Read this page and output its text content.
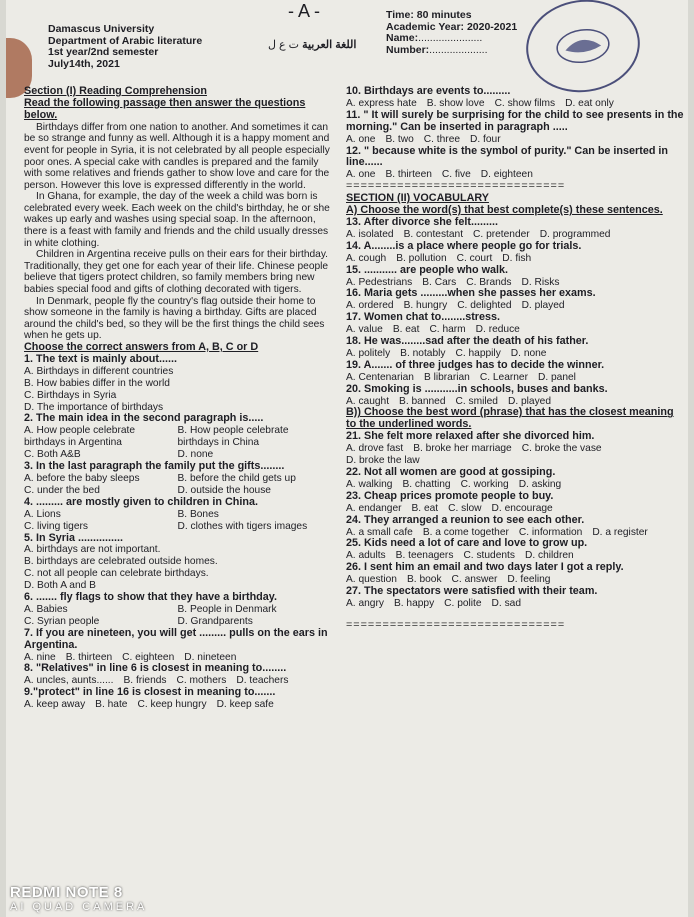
Damascus University
Department of Arabic literature
1st year/2nd semester
July14th, 2021
- A -
اللغة العربية ت ع ل
Time: 80 minutes
Academic Year: 2020-2021
Name:......................
Number:....................
Section (I) Reading Comprehension
Read the following passage then answer the questions below.

Birthdays differ from one nation to another. And sometimes it can be so strange and funny as well. Although it is a happy moment and event for people in Syria, it is not celebrated by all people especially poor ones. A special cake with candles is prepared and the family with some relatives and friends gather to show love and care for the person. However this love is expressed differently in the world.

In Ghana, for example, the day of the week a child was born is celebrated every week. Each week on the child's birthday, he or she wakes up early and washes using special soap. In the afternoon, there is a feast with family and friends and the child usually dresses in white clothing.

Children in Argentina receive pulls on their ears for their birthday. Traditionally, they get one for each year of their life. Chinese people believe that tigers protect children, so family members bring new babies special food and gifts of clothing decorated with tigers.

In Denmark, people fly the country's flag outside their home to show someone in the family is having a birthday. Gifts are placed around the child's bed, so they will be the first things the child sees when he gets up.

Choose the correct answers from A, B, C or D
1. The text is mainly about......
A. Birthdays in different countries
B. How babies differ in the world
C. Birthdays in Syria
D. The importance of birthdays
2. The main idea in the second paragraph is.....
A. How people celebrate birthdays in Argentina
B. How people celebrate birthdays in China
C. Both A&B	D. none
3. In the last paragraph the family put the gifts........
A. before the baby sleeps	B. before the child gets up
C. under the bed	D. outside the house
4. ......... are mostly given to children in China.
A. Lions	B. Bones
C. living tigers	D. clothes with tigers images
5. In Syria ...............
A. birthdays are not important.
B. birthdays are celebrated outside homes.
C. not all people can celebrate birthdays.
D. Both A and B
6. ....... fly flags to show that they have a birthday.
A. Babies	B. People in Denmark
C. Syrian people	D. Grandparents
7. If you are nineteen, you will get ......... pulls on the ears in Argentina.
A. nine B. thirteen C. eighteen D. nineteen
8. "Relatives" in line 6 is closest in meaning to........
A. uncles, aunts...... B. friends C. mothers D. teachers
9."protect" in line 16 is closest in meaning to.......
A. keep away B. hate C. keep hungry D. keep safe
10. Birthdays are events to.........
A. express hate B. show love C. show films D. eat only
11. " It will surely be surprising for the child to see presents in the morning." Can be inserted in paragraph .....
A. one B. two C. three D. four
12. " because white is the symbol of purity." Can be inserted in line......
A. one B. thirteen C. five D. eighteen
==============================
SECTION (II) VOCABULARY
A) Choose the word(s) that best complete(s) these sentences.
13. After divorce she felt.........
A. isolated B. contestant C. pretender D. programmed
14. A........is a place where people go for trials.
A. cough B. pollution C. court D. fish
15. ........... are people who walk.
A. Pedestrians B. Cars C. Brands D. Risks
16. Maria gets .........when she passes her exams.
A. ordered B. hungry C. delighted D. played
17. Women chat to........stress.
A. value B. eat C. harm D. reduce
18. He was........sad after the death of his father.
A. politely B. notably C. happily D. none
19. A....... of three judges has to decide the winner.
A. Centenarian B librarian C. Learner D. panel
20. Smoking is ...........in schools, buses and banks.
A. caught B. banned C. smiled D. played
B)) Choose the best word (phrase) that has the closest meaning to the underlined words.
21. She felt more relaxed after she divorced him.
A. drove fast B. broke her marriage C. broke the vase
D. broke the law
22. Not all women are good at gossiping.
A. walking B. chatting C. working D. asking
23. Cheap prices promote people to buy.
A. endanger B. eat C. slow D. encourage
24. They arranged a reunion to see each other.
A. a small cafe B. a come together C. information D. a register
25. Kids need a lot of care and love to grow up.
A. adults B. teenagers C. students D. children
26. I sent him an email and two days later I got a reply.
A. question B. book C. answer D. feeling
27. The spectators were satisfied with their team.
A. angry B. happy C. polite D. sad
==============================
REDMI NOTE 8
AI QUAD CAMERA
